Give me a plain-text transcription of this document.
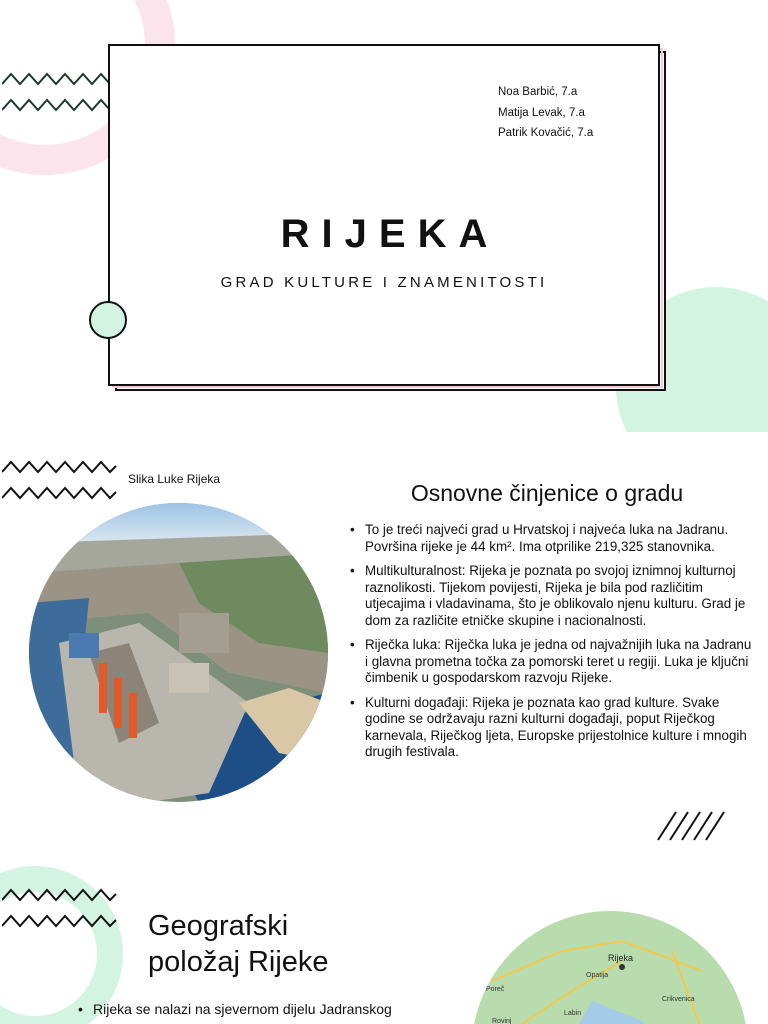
Noa Barbić, 7.a
Matija Levak, 7.a
Patrik Kovačić, 7.a
RIJEKA
GRAD KULTURE I ZNAMENITOSTI
Slika Luke Rijeka
Osnovne činjenice o gradu
• To je treći najveći grad u Hrvatskoj i najveća luka na Jadranu. Površina rijeke je 44 km². Ima otprilike 219,325 stanovnika.
• Multikulturalnost: Rijeka je poznata po svojoj iznimnoj kulturnoj raznolikosti. Tijekom povijesti, Rijeka je bila pod različitim utjecajima i vladavinama, što je oblikovalo njenu kulturu. Grad je dom za različite etničke skupine i nacionalnosti.
• Riječka luka: Riječka luka je jedna od najvažnijih luka na Jadranu i glavna prometna točka za pomorski teret u regiji. Luka je ključni čimbenik u gospodarskom razvoju Rijeke.
• Kulturni događaji: Rijeka je poznata kao grad kulture. Svake godine se održavaju razni kulturni događaji, poput Riječkog karnevala, Riječkog ljeta, Europske prijestolnice kulture i mnogih drugih festivala.
Geografski
položaj Rijeke
• Rijeka se nalazi na sjevernom dijelu Jadranskog
Rijeka
Opatija
Poreč
Crikvenica
Labin
Rovinj
